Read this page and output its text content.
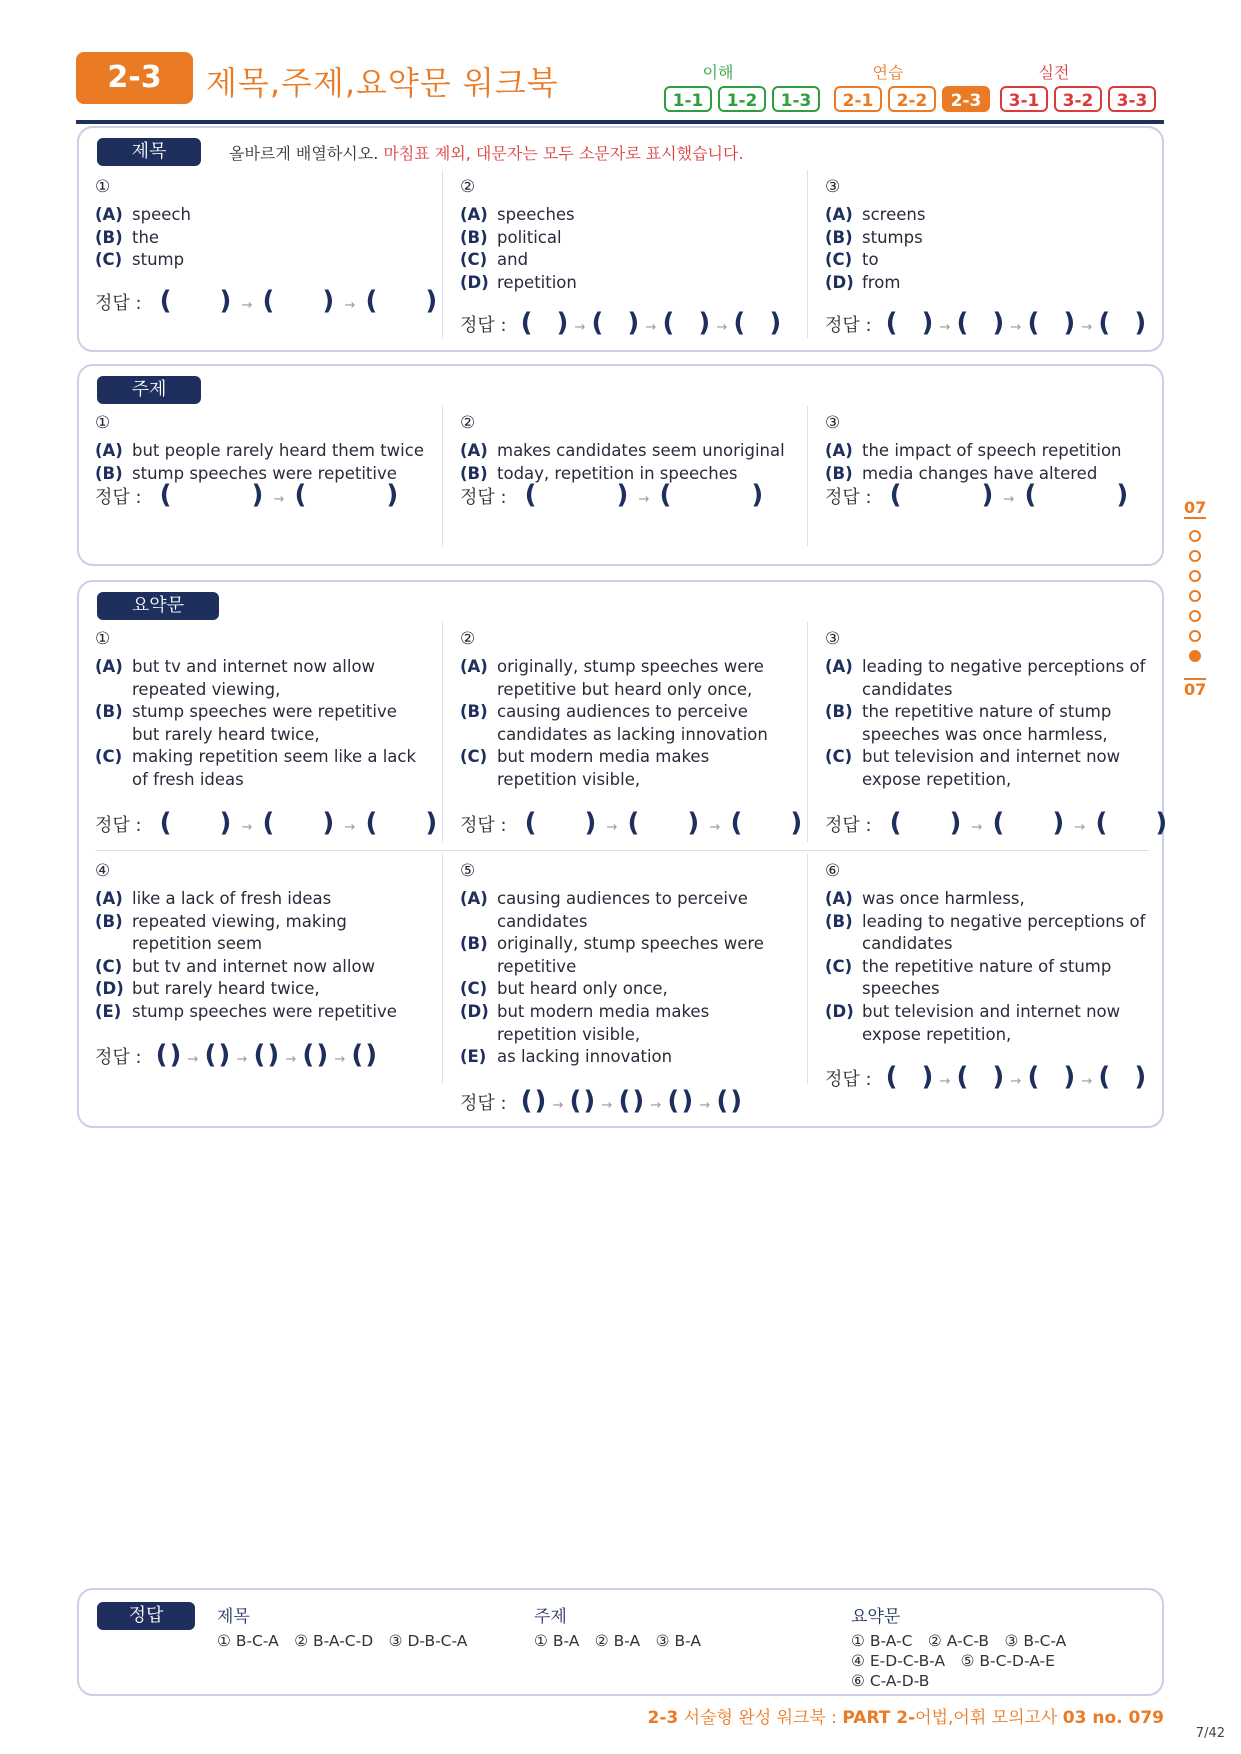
2-3	제목,주제,요약문 워크북	이해
1-1	1-2	1-3
연습
2-1	2-2	2-3
실전
3-1	3-2	3-3
제목	올바르게 배열하시오. 마침표 제외, 대문자는 모두 소문자로 표시했습니다.
①
(A) speech
(B) the
(C) stump
정답 : ( ) → ( ) → ( )
②
(A) speeches
(B) political
(C) and
(D) repetition
정답 : ( ) → ( ) → ( ) → ( )
③
(A) screens
(B) stumps
(C) to
(D) from
정답 : ( ) → ( ) → ( ) → ( )
주제
①
(A) but people rarely heard them twice
(B) stump speeches were repetitive
정답 : (	) → (	)
②
(A) makes candidates seem unoriginal
(B) today, repetition in speeches
정답 : (	) → (	)
③
(A) the impact of speech repetition
(B) media changes have altered
정답 : (	) → (	)
요약문
①
(A) but tv and internet now allow repeated viewing,
(B) stump speeches were repetitive but rarely heard twice,
(C) making repetition seem like a lack of fresh ideas
정답 : ( ) → ( ) → ( )
②
(A) originally, stump speeches were repetitive but heard only once,
(B) causing audiences to perceive candidates as lacking innovation
(C) but modern media makes repetition visible,
정답 : ( ) → ( ) → ( )
③
(A) leading to negative perceptions of candidates
(B) the repetitive nature of stump speeches was once harmless,
(C) but television and internet now expose repetition,
정답 : ( ) → ( ) → ( )
④
(A) like a lack of fresh ideas
(B) repeated viewing, making repetition seem
(C) but tv and internet now allow
(D) but rarely heard twice,
(E) stump speeches were repetitive
정답 : () → () → () → () → ()
⑤
(A) causing audiences to perceive candidates
(B) originally, stump speeches were repetitive
(C) but heard only once,
(D) but modern media makes repetition visible,
(E) as lacking innovation
정답 : () → () → () → () → ()
⑥
(A) was once harmless,
(B) leading to negative perceptions of candidates
(C) the repetitive nature of stump speeches
(D) but television and internet now expose repetition,
정답 : ( ) → ( ) → ( ) → ( )
07
07
정답	제목
① B-C-A　② B-A-C-D　③ D-B-C-A
주제
① B-A　② B-A　③ B-A
요약문
① B-A-C　② A-C-B　③ B-C-A
④ E-D-C-B-A　⑤ B-C-D-A-E
⑥ C-A-D-B
2-3 서술형 완성 워크북 : PART 2-어법,어휘 모의고사 03 no. 079
7/42
